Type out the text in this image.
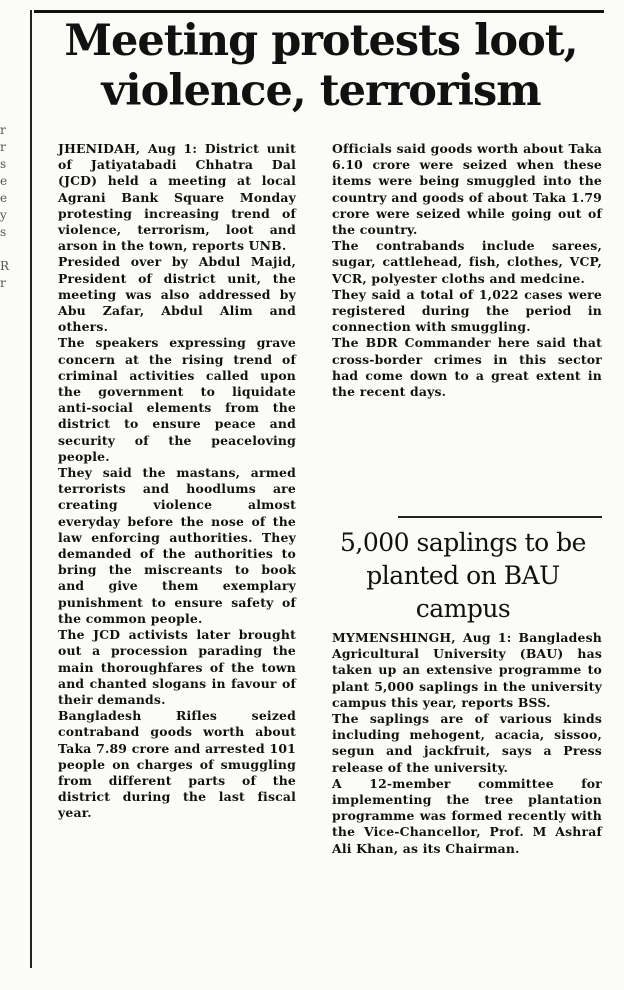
r
r
s
e
e
y
s
R
r
Meeting protests loot, violence, terrorism

JHENIDAH, Aug 1: District unit of Jatiyatabadi Chhatra Dal (JCD) held a meeting at local Agrani Bank Square Monday protesting increasing trend of violence, terrorism, loot and arson in the town, reports UNB.

Presided over by Abdul Majid, President of district unit, the meeting was also addressed by Abu Zafar, Abdul Alim and others.

The speakers expressing grave concern at the rising trend of criminal activities called upon the government to liquidate anti-social elements from the district to ensure peace and security of the peaceloving people.

They said the mastans, armed terrorists and hoodlums are creating violence almost everyday before the nose of the law enforcing authorities. They demanded of the authorities to bring the miscreants to book and give them exemplary punishment to ensure safety of the common people.

The JCD activists later brought out a procession parading the main thoroughfares of the town and chanted slogans in favour of their demands.

Bangladesh Rifles seized contraband goods worth about Taka 7.89 crore and arrested 101 people on charges of smuggling from different parts of the district during the last fiscal year.

Officials said goods worth about Taka 6.10 crore were seized when these items were being smuggled into the country and goods of about Taka 1.79 crore were seized while going out of the country.

The contrabands include sarees, sugar, cattlehead, fish, clothes, VCP, VCR, polyester cloths and medcine.

They said a total of 1,022 cases were registered during the period in connection with smuggling.

The BDR Commander here said that cross-border crimes in this sector had come down to a great extent in the recent days.

5,000 saplings to be planted on BAU campus

MYMENSHINGH, Aug 1: Bangladesh Agricultural University (BAU) has taken up an extensive programme to plant 5,000 saplings in the university campus this year, reports BSS.

The saplings are of various kinds including mehogent, acacia, sissoo, segun and jackfruit, says a Press release of the university.

A 12-member committee for implementing the tree plantation programme was formed recently with the Vice-Chancellor, Prof. M Ashraf Ali Khan, as its Chairman.
